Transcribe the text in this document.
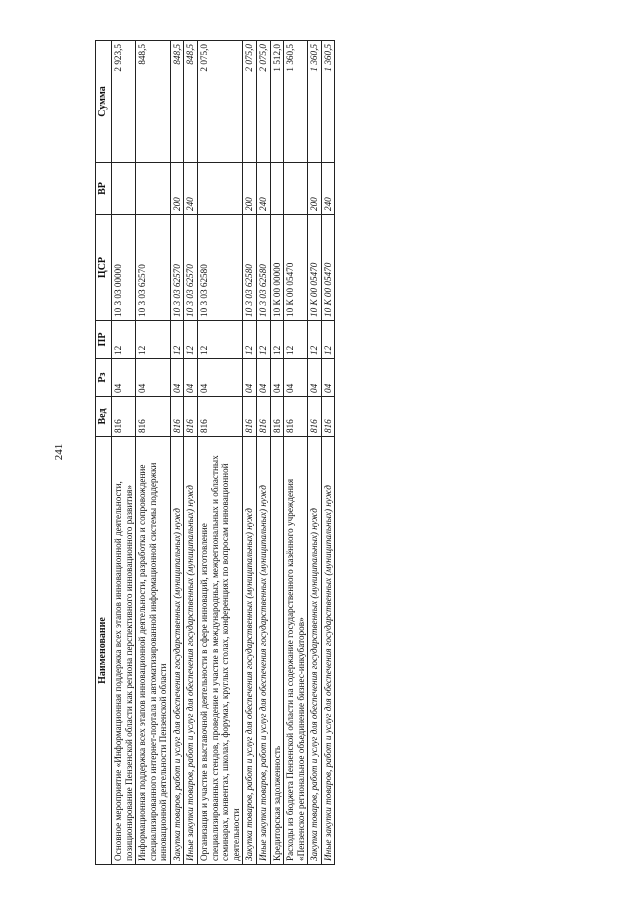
241
Наименование	Вед	Рз	ПР	ЦСР	ВР	Сумма
Основное мероприятие «Информационная поддержка всех этапов инновационной деятельности, позиционирование Пензенской области как региона перспективного инновационного развития»	816	04	12	10 3 03 00000		2 923,5
Информационная поддержка всех этапов инновационной деятельности, разработка и сопровождение специализированного интернет-портала и автоматизированной информационной системы поддержки инновационной деятельности Пензенской области	816	04	12	10 3 03 62570		848,5
Закупка товаров, работ и услуг для обеспечения государственных (муниципальных) нужд	816	04	12	10 3 03 62570	200	848,5
Иные закупки товаров, работ и услуг для обеспечения государственных (муниципальных) нужд	816	04	12	10 3 03 62570	240	848,5
Организация и участие в выставочной деятельности в сфере инноваций, изготовление специализированных стендов, проведение и участие в международных, межрегиональных и областных семинарах, конвентах, школах, форумах, круглых столах, конференциях по вопросам инновационной деятельности	816	04	12	10 3 03 62580		2 075,0
Закупка товаров, работ и услуг для обеспечения государственных (муниципальных) нужд	816	04	12	10 3 03 62580	200	2 075,0
Иные закупки товаров, работ и услуг для обеспечения государственных (муниципальных) нужд	816	04	12	10 3 03 62580	240	2 075,0
Кредиторская задолженность	816	04	12	10 К 00 00000		1 512,0
Расходы из бюджета Пензенской области на содержание государственного казённого учреждения «Пензенское региональное объединение бизнес-инкубаторов»	816	04	12	10 К 00 05470		1 360,5
Закупка товаров, работ и услуг для обеспечения государственных (муниципальных) нужд	816	04	12	10 К 00 05470	200	1 360,5
Иные закупки товаров, работ и услуг для обеспечения государственных (муниципальных) нужд	816	04	12	10 К 00 05470	240	1 360,5
